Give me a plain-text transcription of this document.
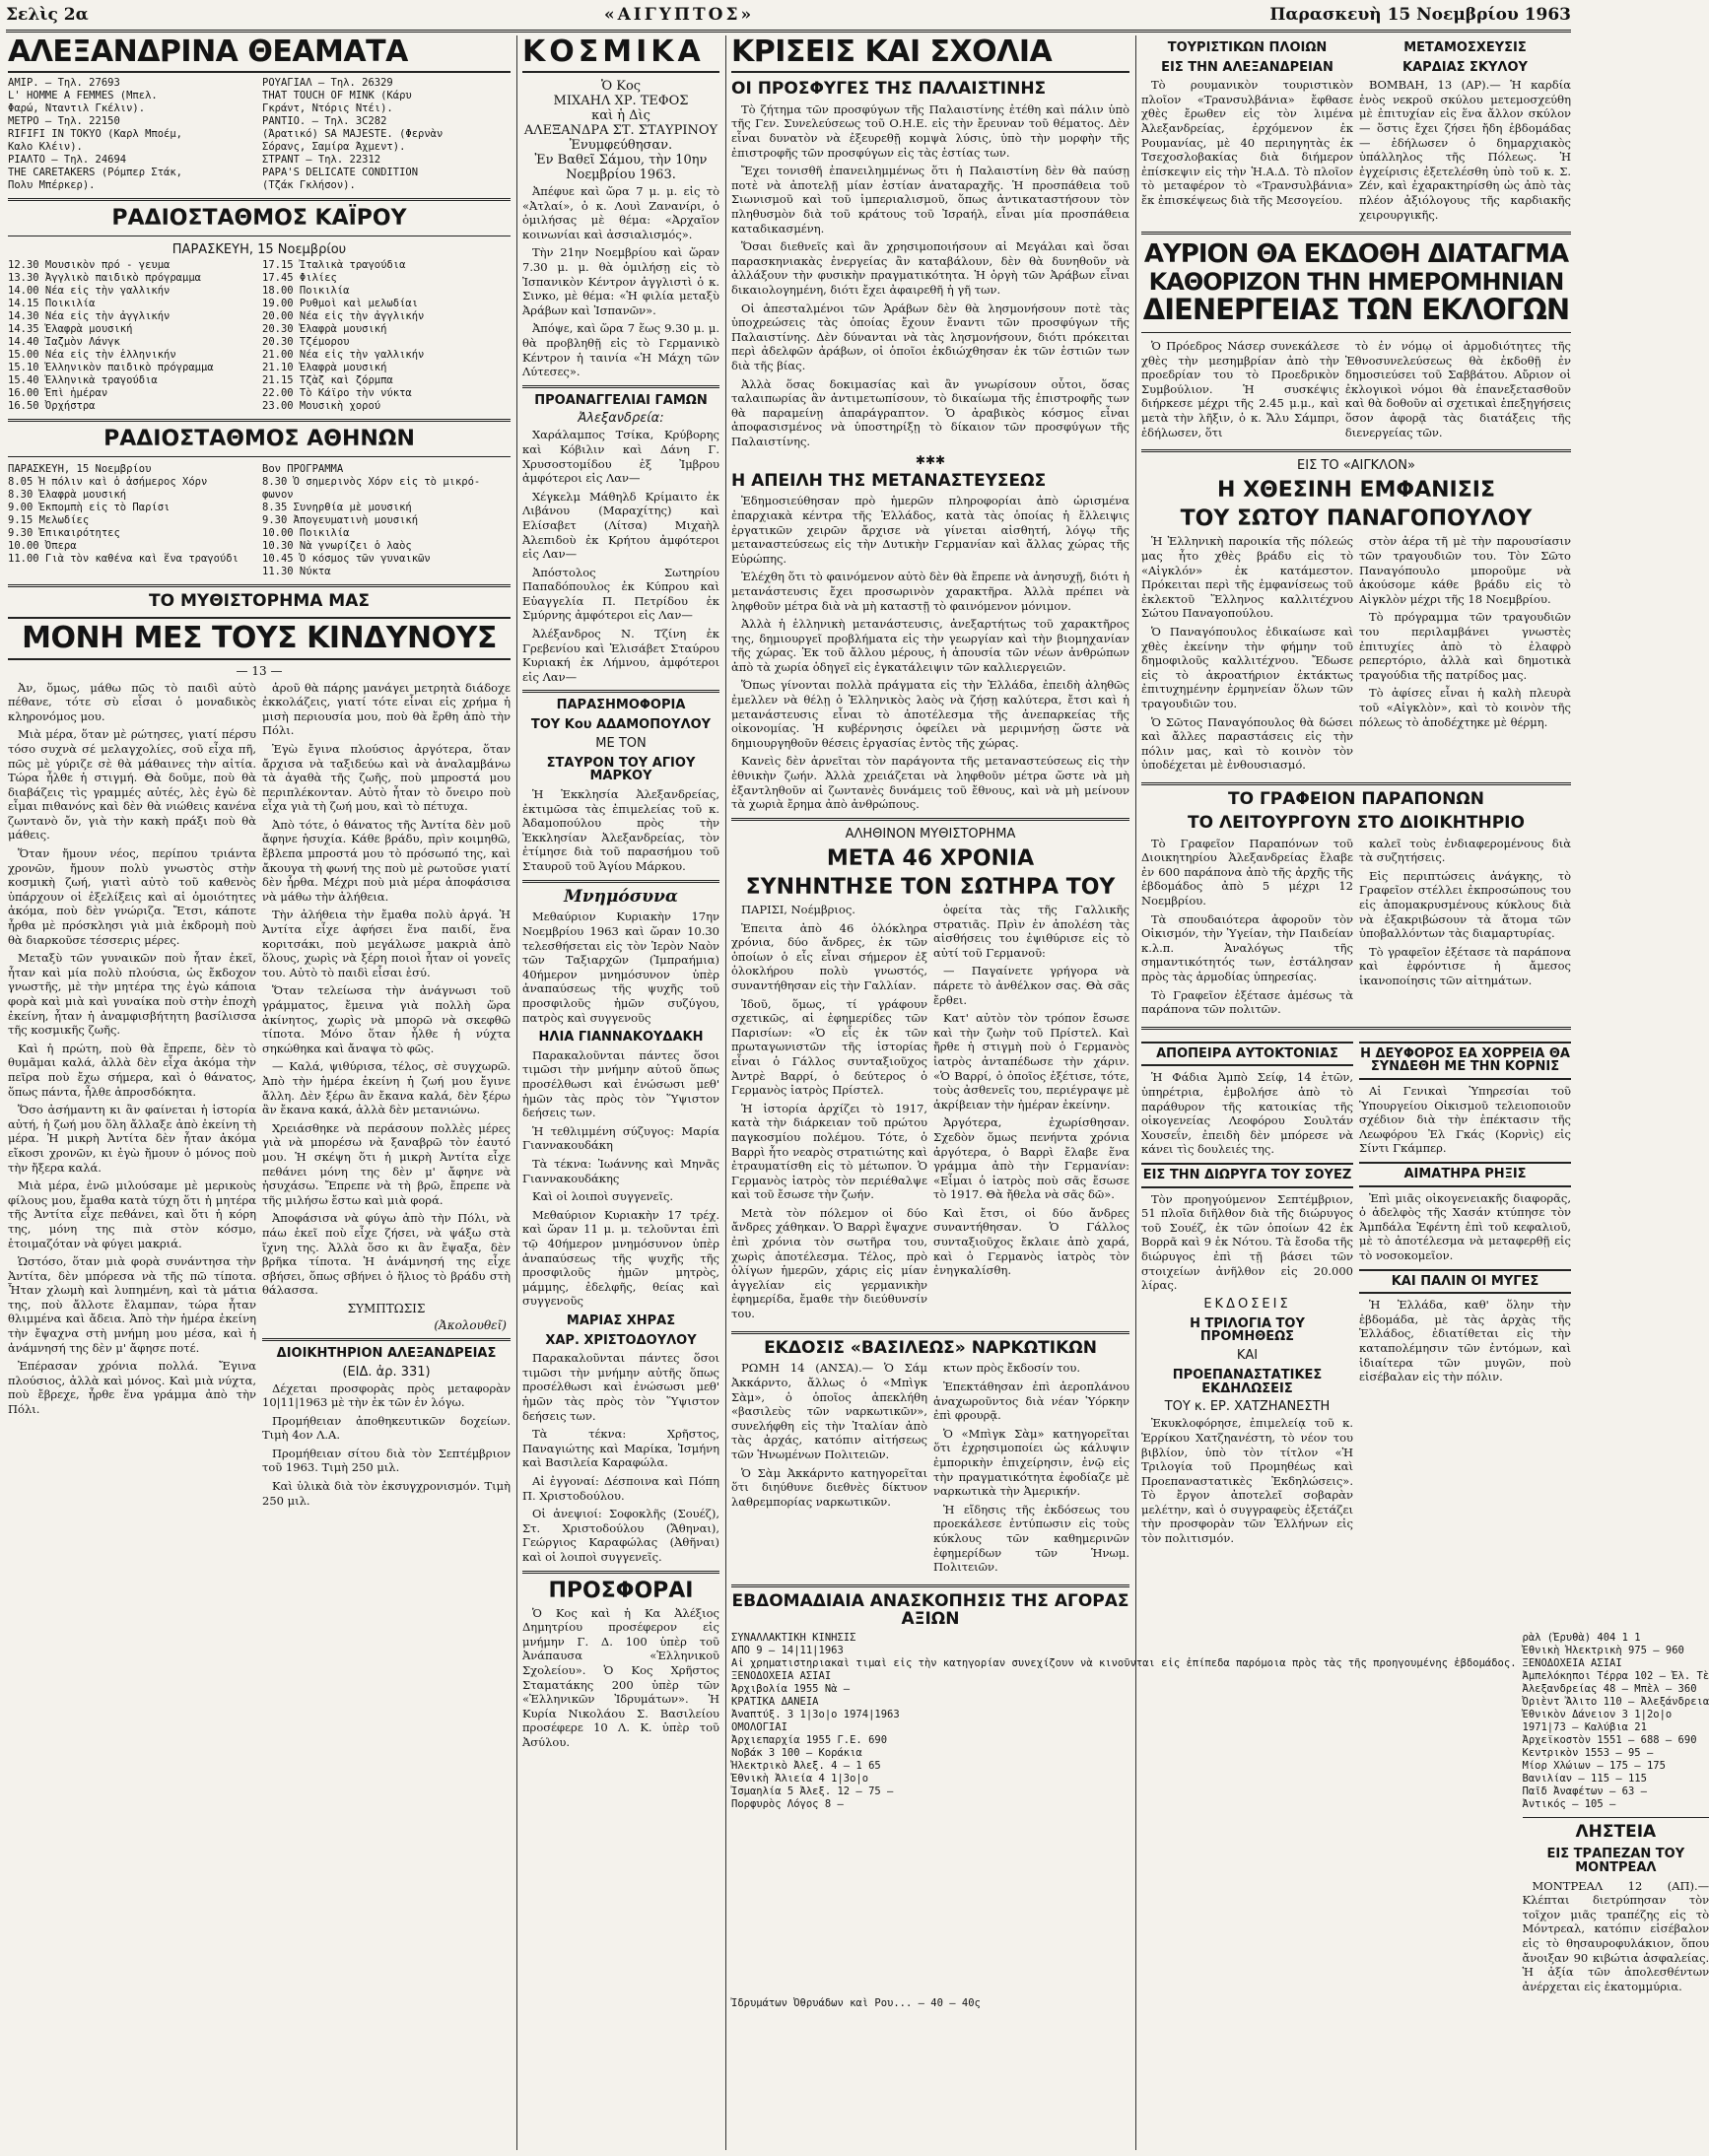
Σελὶς 2α	«ΑΙΓΥΠΤΟΣ»	Παρασκευὴ 15 Νοεμβρίου 1963
ΑΛΕΞΑΝΔΡΙΝΑ ΘΕΑΜΑΤΑ
ΑΜΙΡ. — Τηλ. 27693
L' HOMME A FEMMES (Μπελ.
Φαρώ, Νταντιλ Γκέλιν).
ΜΕΤΡΟ — Τηλ. 22150
RIFIFI IN TOKYO (Καρλ Μποέμ,
Καλο Κλέιν).
ΡΙΑΛΤΟ — Τηλ. 24694
THE CARETAKERS (Ρόμπερ Στάκ,
Πολυ Μπέρκερ).
ΡΟΥΑΓΙΑΛ — Τηλ. 26329
THAT TOUCH OF MINK (Κάρυ
Γκράντ, Ντόρις Ντέι).
ΡΑΝΤΙΟ. — Τηλ. 3C282
(Άρατικό) SA MAJESTE. (Φερνὰν
Σόρανς, Σαμίρα Άχμεντ).
ΣΤΡΑΝΤ — Τηλ. 22312
PAPA'S DELICATE CONDITION
(Τζάκ Γκλήσον).
ΡΑΔΙΟΣΤΑΘΜΟΣ ΚΑΪΡΟΥ
ΠΑΡΑΣΚΕΥΗ, 15 Νοεμβρίου
12.30 Μουσικὸν πρό - γευμα
13.30 Ἀγγλικὸ παιδικὸ πρόγραμμα
14.00 Νέα εἰς τὴν γαλλικήν
14.15 Ποικιλία
14.30 Νέα εἰς τὴν ἀγγλικήν
14.35 Ἑλαφρὰ μουσική
14.40 Ἰαζμὸν Λάνγκ
15.00 Νέα εἰς τὴν ἑλληνικήν
15.10 Ἑλληνικὸν παιδικὸ πρόγραμμα
15.40 Ἑλληνικὰ τραγούδια
16.00 Ἐπὶ ἡμέραν
16.50 Ὀρχήστρα
17.15 Ἰταλικὰ τραγούδια
17.45 Φιλίες
18.00 Ποικιλία
19.00 Ρυθμοὶ καὶ μελωδίαι
20.00 Νέα εἰς τὴν ἀγγλικήν
20.30 Ἑλαφρὰ μουσική
20.30 Τζέμορου
21.00 Νέα εἰς τὴν γαλλικήν
21.10 Ἑλαφρὰ μουσική
21.15 Τζὰζ καὶ ζόρμπα
22.00 Τὸ Κάϊρο τὴν νύκτα
23.00 Μουσικὴ χορού
ΡΑΔΙΟΣΤΑΘΜΟΣ ΑΘΗΝΩΝ
ΠΑΡΑΣΚΕΥΗ, 15 Νοεμβρίου	Βον ΠΡΟΓΡΑΜΜΑ
8.05 Ἡ πόλιν καὶ ὁ ἀσήμερος Χόρν
8.30 Ἑλαφρὰ μουσική
9.00 Ἐκπομπὴ εἰς τὸ Παρίσι
9.15 Μελωδίες
9.30 Ἐπικαιρότητες
10.00 Ὀπερα
11.00 Γιὰ τὸν καθένα καὶ ἕνα τραγούδι
8.30 Ὁ σημερινὸς Χόρν εἰς τὸ μικρό-
φωνον
8.35 Συνηρθία μὲ μουσική
9.30 Ἀπογευματινὴ μουσική
10.00 Ποικιλία
10.30 Νὰ γνωρίζει ὁ λαὸς
10.45 Ὁ κόσμος τῶν γυναικῶν
11.30 Νύκτα
ΤΟ ΜΥΘΙΣΤΟΡΗΜΑ ΜΑΣ
ΜΟΝΗ ΜΕΣ ΤΟΥΣ ΚΙΝΔΥΝΟΥΣ
— 13 —

Ἀν, ὅμως, μάθω πῶς τὸ παιδὶ αὐτὸ πέθανε, τότε σὺ εἶσαι ὁ μοναδικὸς κληρονόμος μου.

Μιὰ μέρα, ὅταν μὲ ρώτησες, γιατί πέρσυ τόσο συχνὰ σέ μελαγχολίες, σοῦ εἶχα πῆ, πῶς μὲ γύριζε σὲ θὰ μάθαινες τὴν αἰτία. Τώρα ἦλθε ἡ στιγμή. Θὰ δοῦμε, ποὺ θὰ διαβάζεις τὶς γραμμές αὐτές, λὲς ἐγὼ δὲ εἶμαι πιθανόνς καὶ δὲν θὰ νιώθεις κανένα ζωντανὸ ὄν, γιὰ τὴν κακὴ πράξι ποὺ θὰ μάθεις.

Ὅταν ἤμουν νέος, περίπου τριάντα χρονῶν, ἤμουν πολὺ γνωστὸς στὴν κοσμικὴ ζωή, γιατὶ αὐτὸ τοῦ καθενὸς ὑπάρχουν οἱ ἐξελίξεις καὶ αἱ ὁμοιότητες ἀκόμα, ποὺ δὲν γνώριζα. Ἔτσι, κάποτε ἦρθα μὲ πρόσκλησι γιὰ μιὰ ἐκδρομὴ ποὺ θὰ διαρκοῦσε τέσσερις μέρες.

Μεταξὺ τῶν γυναικῶν ποὺ ἦταν ἐκεῖ, ἦταν καὶ μία πολὺ πλούσια, ὡς ἔκδοχον γνωστῆς, μὲ τὴν μητέρα της ἐγὼ κάποια φορὰ καὶ μιὰ καὶ γυναίκα ποὺ στὴν ἐποχὴ ἐκείνη, ἦταν ἡ ἀναμφισβήτητη βασίλισσα τῆς κοσμικῆς ζωῆς.

Καὶ ἡ πρώτη, ποὺ θὰ ἔπρεπε, δὲν τὸ θυμᾶμαι καλά, ἀλλὰ δὲν εἶχα ἀκόμα τὴν πεῖρα ποὺ ἔχω σήμερα, καὶ ὁ θάνατος, ὅπως πάντα, ἦλθε ἀπροσδόκητα.

Ὅσο ἀσήμαντη κι ἂν φαίνεται ἡ ἱστορία αὐτή, ἡ ζωή μου ὅλη ἄλλαξε ἀπὸ ἐκείνη τὴ μέρα. Ἡ μικρὴ Ἀντίτα δὲν ἦταν ἀκόμα εἴκοσι χρονῶν, κι ἐγὼ ἤμουν ὁ μόνος ποὺ τὴν ἤξερα καλά.

Μιὰ μέρα, ἐνῶ μιλούσαμε μὲ μερικοὺς φίλους μου, ἔμαθα κατὰ τύχη ὅτι ἡ μητέρα τῆς Ἀντίτα εἶχε πεθάνει, καὶ ὅτι ἡ κόρη της, μόνη της πιὰ στὸν κόσμο, ἑτοιμαζόταν νὰ φύγει μακριά.

Ὡστόσο, ὅταν μιὰ φορὰ συνάντησα τὴν Ἀντίτα, δὲν μπόρεσα νὰ τῆς πῶ τίποτα. Ἦταν χλωμὴ καὶ λυπημένη, καὶ τὰ μάτια της, ποὺ ἄλλοτε ἔλαμπαν, τώρα ἦταν θλιμμένα καὶ ἄδεια. Ἀπὸ τὴν ἡμέρα ἐκείνη τὴν ἔψαχνα στὴ μνήμη μου μέσα, καὶ ἡ ἀνάμνησή της δὲν μ' ἄφησε ποτέ.

Ἐπέρασαν χρόνια πολλά. Ἔγινα πλούσιος, ἀλλὰ καὶ μόνος. Καὶ μιὰ νύχτα, ποὺ ἔβρεχε, ἦρθε ἕνα γράμμα ἀπὸ τὴν Πόλι.

ἀροῦ θὰ πάρης μανάγει μετρητὰ διάδοχε ἐκκολάζεις, γιατί τότε εἶναι εἰς χρήμα ἡ μισὴ περιουσία μου, ποὺ θὰ ἔρθη ἀπὸ τὴν Πόλι.

Ἐγὼ ἔγινα πλούσιος ἀργότερα, ὅταν ἄρχισα νὰ ταξιδεύω καὶ νὰ ἀναλαμβάνω τὰ ἀγαθὰ τῆς ζωῆς, ποὺ μπροστά μου περιπλέκονταν. Αὐτὸ ἦταν τὸ ὄνειρο ποὺ εἶχα γιὰ τὴ ζωή μου, καὶ τὸ πέτυχα.

Ἀπὸ τότε, ὁ θάνατος τῆς Ἀντίτα δὲν μοῦ ἄφηνε ἡσυχία. Κάθε βράδυ, πρὶν κοιμηθῶ, ἔβλεπα μπροστά μου τὸ πρόσωπό της, καὶ ἄκουγα τὴ φωνή της ποὺ μὲ ρωτοῦσε γιατί δὲν ἦρθα. Μέχρι ποὺ μιὰ μέρα ἀποφάσισα νὰ μάθω τὴν ἀλήθεια.

Τὴν ἀλήθεια τὴν ἔμαθα πολὺ ἀργά. Ἡ Ἀντίτα εἶχε ἀφήσει ἕνα παιδί, ἕνα κοριτσάκι, ποὺ μεγάλωσε μακριὰ ἀπὸ ὅλους, χωρὶς νὰ ξέρη ποιοὶ ἦταν οἱ γονεῖς του. Αὐτὸ τὸ παιδὶ εἶσαι ἐσύ.

Ὅταν τελείωσα τὴν ἀνάγνωσι τοῦ γράμματος, ἔμεινα γιὰ πολλὴ ὥρα ἀκίνητος, χωρὶς νὰ μπορῶ νὰ σκεφθῶ τίποτα. Μόνο ὅταν ἦλθε ἡ νύχτα σηκώθηκα καὶ ἄναψα τὸ φῶς.

— Καλά, ψιθύρισα, τέλος, σὲ συγχωρῶ. Ἀπὸ τὴν ἡμέρα ἐκείνη ἡ ζωή μου ἔγινε ἄλλη. Δὲν ξέρω ἂν ἔκανα καλά, δὲν ξέρω ἂν ἔκανα κακά, ἀλλὰ δὲν μετανιώνω.

Χρειάσθηκε νὰ περάσουν πολλὲς μέρες γιὰ νὰ μπορέσω νὰ ξαναβρῶ τὸν ἑαυτό μου. Ἡ σκέψη ὅτι ἡ μικρὴ Ἀντίτα εἶχε πεθάνει μόνη της δὲν μ' ἄφηνε νὰ ἡσυχάσω. Ἔπρεπε νὰ τὴ βρῶ, ἔπρεπε νὰ τῆς μιλήσω ἔστω καὶ μιὰ φορά.

Ἀποφάσισα νὰ φύγω ἀπὸ τὴν Πόλι, νὰ πάω ἐκεῖ ποὺ εἶχε ζήσει, νὰ ψάξω στὰ ἴχνη της. Ἀλλὰ ὅσο κι ἂν ἔψαξα, δὲν βρῆκα τίποτα. Ἡ ἀνάμνησή της εἶχε σβήσει, ὅπως σβήνει ὁ ἥλιος τὸ βράδυ στὴ θάλασσα.

ΣΥΜΠΤΩΣΙΣ
(Ἀκολουθεῖ)
ΔΙΟΙΚΗΤΗΡΙΟΝ ΑΛΕΞΑΝΔΡΕΙΑΣ
(ΕΙΔ. ἀρ. 331)

Δέχεται προσφορὰς πρὸς μεταφορὰν 10|11|1963 μὲ τὴν ἐκ τῶν ἐν λόγω.

Προμήθειαν ἀποθηκευτικῶν δοχείων. Τιμὴ 4ον Λ.Α.

Προμήθειαν σίτου διὰ τὸν Σεπτέμβριον τοῦ 1963. Τιμὴ 250 μιλ.

Καὶ ὑλικὰ διὰ τὸν ἐκσυγχρονισμόν. Τιμὴ 250 μιλ.

ΚΟΣΜΙΚΑ
Ὁ Κος
ΜΙΧΑΗΛ ΧΡ. ΤΕΦΟΣ
καὶ ἡ Δὶς
ΑΛΕΞΑΝΔΡΑ ΣΤ. ΣΤΑΥΡΙΝΟΥ
Ἐνυμφεύθησαν.
Ἐν Βαθεῖ Σάμου, τὴν 10ην Νοεμβρίου 1963.

Ἀπέφυε καὶ ὥρα 7 μ. μ. εἰς τὸ «Ἀτλαί», ὁ κ. Λουὶ Ζανανίρι, ὁ ὁμιλήσας μὲ θέμα: «Ἀρχαῖον κοινωνίαι καὶ ἀσσιαλισμός».

Τὴν 21ην Νοεμβρίου καὶ ὥραν 7.30 μ. μ. θὰ ὁμιλήσῃ εἰς τὸ Ἰσπανικὸν Κέντρον ἀγγλιστὶ ὁ κ. Σινκο, μὲ θέμα: «Ἡ φιλία μεταξὺ Ἀράβων καὶ Ἰσπανῶν».

Ἀπόψε, καὶ ὥρα 7 ἕως 9.30 μ. μ. θὰ προβληθῇ εἰς τὸ Γερμανικὸ Κέντρον ἡ ταινία «Ἡ Μάχη τῶν Λύτεσες».

ΠΡΟΑΝΑΓΓΕΛΙΑΙ ΓΑΜΩΝ
Ἀλεξανδρεία:

Χαράλαμπος Τσίκα, Κρύβορης καὶ Κόβιλιν καὶ Δάνη Γ. Χρυσοστομίδου ἐξ Ἰμβρου ἀμφότεροι εἰς Λαν—

Χέγκελμ Μάθηλδ Κρίμαιτο ἐκ Λιβάνου (Μαραχίτης) καὶ Ελίσαβετ (Λίτσα) Μιχαὴλ Ἀλεπιδοὺ ἐκ Κρήτου ἀμφότεροι εἰς Λαν—

Ἀπόστολος Σωτηρίου Παπαδόπουλος ἐκ Κύπρου καὶ Εὐαγγελία Π. Πετρίδου ἐκ Σμύρνης ἀμφότεροι εἰς Λαν—

Ἀλέξανδρος Ν. Τζίνη ἐκ Γρεβενίου καὶ Ἑλισάβετ Σταύρου Κυριακή ἐκ Λήμνου, ἀμφότεροι εἰς Λαν—

ΠΑΡΑΣΗΜΟΦΟΡΙΑ
ΤΟΥ Κου ΑΔΑΜΟΠΟΥΛΟΥ
ΜΕ ΤΟΝ
ΣΤΑΥΡΟΝ ΤΟΥ ΑΓΙΟΥ ΜΑΡΚΟΥ

Ἡ Ἐκκλησία Ἀλεξανδρείας, ἐκτιμῶσα τὰς ἐπιμελείας τοῦ κ. Ἀδαμοπούλου πρὸς τὴν Ἐκκλησίαν Ἀλεξανδρείας, τὸν ἐτίμησε διὰ τοῦ παρασήμου τοῦ Σταυροῦ τοῦ Ἁγίου Μάρκου.

Μνημόσυνα

Μεθαύριον Κυριακὴν 17ην Νοεμβρίου 1963 καὶ ὥραν 10.30 τελεσθήσεται εἰς τὸν Ἱερὸν Ναὸν τῶν Ταξιαρχῶν (Ἰμπραήμια) 40ήμερον μνημόσυνον ὑπὲρ ἀναπαύσεως τῆς ψυχῆς τοῦ προσφιλοῦς ἡμῶν συζύγου, πατρὸς καὶ συγγενοῦς

ΗΛΙΑ ΓΙΑΝΝΑΚΟΥΔΑΚΗ

Παρακαλοῦνται πάντες ὅσοι τιμῶσι τὴν μνήμην αὐτοῦ ὅπως προσέλθωσι καὶ ἑνώσωσι μεθ' ἡμῶν τὰς πρὸς τὸν Ὕψιστον δεήσεις των.

Ἡ τεθλιμμένη σύζυγος: Μαρία Γιαννακουδάκη

Τὰ τέκνα: Ἰωάννης καὶ Μηνᾶς Γιαννακουδάκης

Καὶ οἱ λοιποὶ συγγενεῖς.

Μεθαύριον Κυριακὴν 17 τρέχ. καὶ ὥραν 11 μ. μ. τελοῦνται ἐπὶ τῷ 40ήμερον μνημόσυνον ὑπὲρ ἀναπαύσεως τῆς ψυχῆς τῆς προσφιλοῦς ἡμῶν μητρὸς, μάμμης, ἐδελφῆς, θείας καὶ συγγενοῦς

ΜΑΡΙΑΣ ΧΗΡΑΣ
ΧΑΡ. ΧΡΙΣΤΟΔΟΥΛΟΥ

Παρακαλοῦνται πάντες ὅσοι τιμῶσι τὴν μνήμην αὐτῆς ὅπως προσέλθωσι καὶ ἑνώσωσι μεθ' ἡμῶν τὰς πρὸς τὸν Ὕψιστον δεήσεις των.

Τὰ τέκνα: Χρῆστος, Παναγιώτης καὶ Μαρίκα, Ἰσμήνη καὶ Βασιλεία Καραφώλα.

Αἱ ἐγγοναί: Δέσποινα καὶ Πόπη Π. Χριστοδούλου.

Οἱ ἀνεψιοί: Σοφοκλῆς (Σουέζ), Στ. Χριστοδούλου (Ἄθηναι), Γεώργιος Καραφώλας (Ἀθῆναι) καὶ οἱ λοιποὶ συγγενεῖς.

ΠΡΟΣΦΟΡΑΙ

Ὁ Κος καὶ ἡ Κα Ἀλέξιος Δημητρίου προσέφερον εἰς μνήμην Γ. Δ. 100 ὑπὲρ τοῦ Ἀνάπαυσα «Ἑλληνικοῦ Σχολείου». Ὁ Κος Χρῆστος Σταματάκης 200 ὑπὲρ τῶν «Ἐλληνικῶν Ἰδρυμάτων». Ἡ Κυρία Νικολάου Σ. Βασιλείου προσέφερε 10 Λ. Κ. ὑπὲρ τοῦ Ἀσύλου.

ΚΡΙΣΕΙΣ ΚΑΙ ΣΧΟΛΙΑ
ΟΙ ΠΡΟΣΦΥΓΕΣ ΤΗΣ ΠΑΛΑΙΣΤΙΝΗΣ

Τὸ ζήτημα τῶν προσφύγων τῆς Παλαιστίνης ἐτέθη καὶ πάλιν ὑπὸ τῆς Γεν. Συνελεύσεως τοῦ Ο.Η.Ε. εἰς τὴν ἔρευναν τοῦ θέματος. Δὲν εἶναι δυνατὸν νὰ ἐξευρεθῇ κομψὰ λύσις, ὑπὸ τὴν μορφὴν τῆς ἐπιστροφῆς τῶν προσφύγων εἰς τὰς ἑστίας των.

Ἔχει τονισθῆ ἐπανειλημμένως ὅτι ἡ Παλαιστίνη δὲν θὰ παύσῃ ποτὲ νὰ ἀποτελῇ μίαν ἐστίαν ἀναταραχῆς. Ἡ προσπάθεια τοῦ Σιωνισμοῦ καὶ τοῦ ἰμπεριαλισμοῦ, ὅπως ἀντικαταστήσουν τὸν πληθυσμὸν διὰ τοῦ κράτους τοῦ Ἰσραήλ, εἶναι μία προσπάθεια καταδικασμένη.

Ὅσαι διεθνεῖς καὶ ἂν χρησιμοποιήσουν αἱ Μεγάλαι καὶ ὅσαι παρασκηνιακὰς ἐνεργείας ἂν καταβάλουν, δὲν θὰ δυνηθοῦν νὰ ἀλλάξουν τὴν φυσικὴν πραγματικότητα. Ἡ ὀργὴ τῶν Ἀράβων εἶναι δικαιολογημένη, διότι ἔχει ἀφαιρεθῆ ἡ γῆ των.

Οἱ ἀπεσταλμένοι τῶν Ἀράβων δὲν θὰ λησμονήσουν ποτὲ τὰς ὑποχρεώσεις τὰς ὁποίας ἔχουν ἔναντι τῶν προσφύγων τῆς Παλαιστίνης. Δὲν δύνανται νὰ τὰς λησμονήσουν, διότι πρόκειται περὶ ἀδελφῶν ἀράβων, οἱ ὁποῖοι ἐκδιώχθησαν ἐκ τῶν ἑστιῶν των διὰ τῆς βίας.

Ἀλλὰ ὅσας δοκιμασίας καὶ ἂν γνωρίσουν οὗτοι, ὅσας ταλαιπωρίας ἂν ἀντιμετωπίσουν, τὸ δικαίωμα τῆς ἐπιστροφῆς των θὰ παραμείνῃ ἀπαράγραπτον. Ὁ ἀραβικὸς κόσμος εἶναι ἀποφασισμένος νὰ ὑποστηρίξῃ τὸ δίκαιον τῶν προσφύγων τῆς Παλαιστίνης.

✱✱✱
Η ΑΠΕΙΛΗ ΤΗΣ ΜΕΤΑΝΑΣΤΕΥΣΕΩΣ

Ἐδημοσιεύθησαν πρὸ ἡμερῶν πληροφορίαι ἀπὸ ὡρισμένα ἐπαρχιακὰ κέντρα τῆς Ἑλλάδος, κατὰ τὰς ὁποίας ἡ ἔλλειψις ἐργατικῶν χειρῶν ἄρχισε νὰ γίνεται αἰσθητή, λόγῳ τῆς μεταναστεύσεως εἰς τὴν Δυτικὴν Γερμανίαν καὶ ἄλλας χώρας τῆς Εὐρώπης.

Ἐλέχθη ὅτι τὸ φαινόμενον αὐτὸ δὲν θὰ ἔπρεπε νὰ ἀνησυχῇ, διότι ἡ μετανάστευσις ἔχει προσωρινὸν χαρακτῆρα. Ἀλλὰ πρέπει νὰ ληφθοῦν μέτρα διὰ νὰ μὴ καταστῇ τὸ φαινόμενον μόνιμον.

Ἀλλὰ ἡ ἑλληνικὴ μετανάστευσις, ἀνεξαρτήτως τοῦ χαρακτῆρος της, δημιουργεῖ προβλήματα εἰς τὴν γεωργίαν καὶ τὴν βιομηχανίαν τῆς χώρας. Ἐκ τοῦ ἄλλου μέρους, ἡ ἀπουσία τῶν νέων ἀνθρώπων ἀπὸ τὰ χωρία ὁδηγεῖ εἰς ἐγκατάλειψιν τῶν καλλιεργειῶν.

Ὅπως γίνονται πολλὰ πράγματα εἰς τὴν Ἑλλάδα, ἐπειδὴ ἀληθῶς ἐμελλεν νὰ θέλῃ ὁ Ἑλληνικὸς λαὸς νὰ ζήσῃ καλύτερα, ἔτσι καὶ ἡ μετανάστευσις εἶναι τὸ ἀποτέλεσμα τῆς ἀνεπαρκείας τῆς οἰκονομίας. Ἡ κυβέρνησις ὀφείλει νὰ μεριμνήσῃ ὥστε νὰ δημιουργηθοῦν θέσεις ἐργασίας ἐντὸς τῆς χώρας.

Κανεὶς δὲν ἀρνεῖται τὸν παράγοντα τῆς μεταναστεύσεως εἰς τὴν ἐθνικὴν ζωήν. Ἀλλὰ χρειάζεται νὰ ληφθοῦν μέτρα ὥστε νὰ μὴ ἐξαντληθοῦν αἱ ζωντανὲς δυνάμεις τοῦ ἔθνους, καὶ νὰ μὴ μείνουν τὰ χωριὰ ἔρημα ἀπὸ ἀνθρώπους.

ΑΛΗΘΙΝΟΝ ΜΥΘΙΣΤΟΡΗΜΑ
ΜΕΤΑ 46 ΧΡΟΝΙΑ
ΣΥΝΗΝΤΗΣΕ ΤΟΝ ΣΩΤΗΡΑ ΤΟΥ

ΠΑΡΙΣΙ, Νοέμβριος.

Ἐπειτα ἀπὸ 46 ὁλόκληρα χρόνια, δύο ἄνδρες, ἐκ τῶν ὁποίων ὁ εἷς εἶναι σήμερον ἐξ ὁλοκλήρου πολὺ γνωστός, συναντήθησαν εἰς τὴν Γαλλίαν.

Ἰδοῦ, ὅμως, τί γράφουν σχετικῶς, αἱ ἐφημερίδες τῶν Παρισίων: «Ὁ εἷς ἐκ τῶν πρωταγωνιστῶν τῆς ἱστορίας εἶναι ὁ Γάλλος συνταξιοῦχος Ἀντρὲ Βαρρί, ὁ δεύτερος ὁ Γερμανὸς ἰατρὸς Πρίστελ.

Ἡ ἱστορία ἀρχίζει τὸ 1917, κατὰ τὴν διάρκειαν τοῦ πρώτου παγκοσμίου πολέμου. Τότε, ὁ Βαρρὶ ἦτο νεαρὸς στρατιώτης καὶ ἐτραυματίσθη εἰς τὸ μέτωπον. Ὁ Γερμανὸς ἰατρὸς τὸν περιέθαλψε καὶ τοῦ ἔσωσε τὴν ζωήν.

Μετὰ τὸν πόλεμον οἱ δύο ἄνδρες χάθηκαν. Ὁ Βαρρὶ ἔψαχνε ἐπὶ χρόνια τὸν σωτῆρα του, χωρὶς ἀποτέλεσμα. Τέλος, πρὸ ὀλίγων ἡμερῶν, χάρις εἰς μίαν ἀγγελίαν εἰς γερμανικὴν ἐφημερίδα, ἔμαθε τὴν διεύθυνσίν του.

ὀφείτα τὰς τῆς Γαλλικῆς στρατιᾶς. Πρὶν ἐν ἀπολέση τὰς αἰσθήσεις του ἐψιθύρισε εἰς τὸ αὐτί τοῦ Γερμανοῦ:

— Παγαίνετε γρήγορα νὰ πάρετε τὸ ἀνθέλκον σας. Θὰ σᾶς ἔρθει.

Κατ' αὐτὸν τὸν τρόπον ἔσωσε καὶ τὴν ζωὴν τοῦ Πρίστελ. Καὶ ἤρθε ἡ στιγμὴ ποὺ ὁ Γερμανὸς ἰατρὸς ἀνταπέδωσε τὴν χάριν. «Ὁ Βαρρί, ὁ ὁποῖος ἐξέτισε, τότε, τοὺς ἀσθενεῖς του, περιέγραψε μὲ ἀκρίβειαν τὴν ἡμέραν ἐκείνην.

Ἀργότερα, ἐχωρίσθησαν. Σχεδὸν ὅμως πενήντα χρόνια ἀργότερα, ὁ Βαρρὶ ἔλαβε ἕνα γράμμα ἀπὸ τὴν Γερμανίαν: «Εἶμαι ὁ ἰατρὸς ποὺ σᾶς ἔσωσε τὸ 1917. Θὰ ἤθελα νὰ σᾶς δῶ».

Καὶ ἔτσι, οἱ δύο ἄνδρες συναντήθησαν. Ὁ Γάλλος συνταξιοῦχος ἔκλαιε ἀπὸ χαρά, καὶ ὁ Γερμανὸς ἰατρὸς τὸν ἐνηγκαλίσθη.

ΕΚΔΟΣΙΣ «ΒΑΣΙΛΕΩΣ» ΝΑΡΚΩΤΙΚΩΝ

ΡΩΜΗ 14 (ΑΝΣΑ).— Ὁ Σάμ Ἀκκάρντο, ἄλλως ὁ «Μπὶγκ Σὰμ», ὁ ὁποῖος ἀπεκλήθη «βασιλεὺς τῶν ναρκωτικῶν», συνελήφθη εἰς τὴν Ἰταλίαν ἀπὸ τὰς ἀρχάς, κατόπιν αἰτήσεως τῶν Ἡνωμένων Πολιτειῶν.

Ὁ Σὰμ Ἀκκάρντο κατηγορεῖται ὅτι διηύθυνε διεθνὲς δίκτυον λαθρεμπορίας ναρκωτικῶν.

κτων πρὸς ἔκδοσίν του.

Ἐπεκτάθησαν ἐπὶ ἀεροπλάνου ἀναχωροῦντος διὰ νέαν Ὑόρκην ἐπὶ φρουρᾷ.

Ὁ «Μπὶγκ Σὰμ» κατηγορεῖται ὅτι ἐχρησιμοποίει ὡς κάλυψιν ἐμπορικὴν ἐπιχείρησιν, ἐνῷ εἰς τὴν πραγματικότητα ἐφοδίαζε μὲ ναρκωτικὰ τὴν Ἀμερικήν.

Ἡ εἴδησις τῆς ἐκδόσεως του προεκάλεσε ἐντύπωσιν εἰς τοὺς κύκλους τῶν καθημερινῶν ἐφημερίδων τῶν Ἡνωμ. Πολιτειῶν.

ΕΒΔΟΜΑΔΙΑΙΑ ΑΝΑΣΚΟΠΗΣΙΣ ΤΗΣ ΑΓΟΡΑΣ ΑΞΙΩΝ
ΣΥΝΑΛΛΑΚΤΙΚΗ ΚΙΝΗΣΙΣ
ΑΠΟ 9 — 14|11|1963
Αἱ χρηματιστηριακαὶ τιμαὶ εἰς τὴν κατηγορίαν συνεχίζουν νὰ κινοῦνται εἰς ἐπίπεδα παρόμοια πρὸς τὰς τῆς προηγουμένης ἑβδομάδος.
ΞΕΝΟΔΟΧΕΙΑ ΑΣΙΑΙ
Ἀρχιβολία 1955 Νὰ —
ΚΡΑΤΙΚΑ ΔΑΝΕΙΑ
Ἀναπτύξ. 3 1|3ο|ο 1974|1963
ΟΜΟΛΟΓΙΑΙ
Ἀρχιεπαρχία 1955 Γ.Ε. 690
Νοβάκ 3 100 — Κοράκια
Ἠλεκτρικὸ Ἀλεξ. 4 — 1 65
Ἐθνικὴ Ἁλιεία 4 1|3ο|ο
Ἰσμαηλία 5 Ἀλεξ. 12 — 75 —
Πορφυρὸς Λόγος 8 —
ρὰλ (Ἐρυθὰ) 404 1 1
Ἐθνικὴ Ἠλεκτρικὴ 975 — 960
ΞΕΝΟΔΟΧΕΙΑ ΑΣΙΑΙ
Ἀμπελόκηποι Τέρρα 102 — Ἐλ. Τὲ
Ἀλεξανδρείας 48 — Μπὲλ — 360
Ὀριὲντ Ἄλιτο 110 — Ἀλεξάνδρεια
Ἐθνικὸν Δάνειον 3 1|2ο|ο
1971|73 — Καλύβια 21
Ἀρχεϊκοστὸν 1551 — 688 — 690
Κεντρικὸν 1553 — 95 —
Μίορ Χλώιων — 175 — 175
Βανιλίαν — 115 — 115
Παῖδ Ἀναφέτων — 63 —
Ἀντικός — 105 —
ΛΗΣΤΕΙΑ
ΕΙΣ ΤΡΑΠΕΖΑΝ ΤΟΥ ΜΟΝΤΡΕΑΛ

ΜΟΝΤΡΕΑΛ 12 (ΑΠ).— Κλέπται διετρύπησαν τὸν τοῖχον μιᾶς τραπέζης εἰς τὸ Μόντρεαλ, κατόπιν εἰσέβαλον εἰς τὸ θησαυροφυλάκιον, ὅπου ἄνοιξαν 90 κιβώτια ἀσφαλείας. Ἡ ἀξία τῶν ἀπολεσθέντων ἀνέρχεται εἰς ἑκατομμύρια.

Ἰδρυμάτων Ὀθρυάδων καὶ Ρου... — 40 — 40ς
ΤΟΥΡΙΣΤΙΚΩΝ ΠΛΟΙΩΝ
ΕΙΣ ΤΗΝ ΑΛΕΞΑΝΔΡΕΙΑΝ

Τὸ ρουμανικὸν τουριστικὸν πλοῖον «Τρανσυλβάνια» ἔφθασε χθὲς ἔρωθεν εἰς τὸν λιμένα Ἀλεξανδρείας, ἐρχόμενον ἐκ Ρουμανίας, μὲ 40 περιηγητὰς ἐκ Τσεχοσλοβακίας διὰ διήμερον ἐπίσκεψιν εἰς τὴν Ἡ.Α.Δ. Τὸ πλοῖον τὸ μεταφέρον τὸ «Τρανσυλβάνια» ἔκ ἐπισκέψεως διὰ τῆς Μεσογείου.

ΜΕΤΑΜΟΣΧΕΥΣΙΣ
ΚΑΡΔΙΑΣ ΣΚΥΛΟΥ

ΒΟΜΒΑΗ, 13 (ΑΡ).— Ἡ καρδία ἑνὸς νεκροῦ σκύλου μετεμοσχεύθη μὲ ἐπιτυχίαν εἰς ἕνα ἄλλον σκύλον — ὅστις ἔχει ζήσει ἤδη ἑβδομάδας — ἐδήλωσεν ὁ δημαρχιακὸς ὑπάλληλος τῆς Πόλεως. Ἡ ἐγχείρισις ἐξετελέσθη ὑπὸ τοῦ κ. Σ. Ζέν, καὶ ἐχαρακτηρίσθη ὡς ἀπὸ τὰς πλέον ἀξιόλογους τῆς καρδιακῆς χειρουργικῆς.

ΑΥΡΙΟΝ ΘΑ ΕΚΔΟΘΗ ΔΙΑΤΑΓΜΑ
ΚΑΘΟΡΙΖΟΝ ΤΗΝ ΗΜΕΡΟΜΗΝΙΑΝ
ΔΙΕΝΕΡΓΕΙΑΣ ΤΩΝ ΕΚΛΟΓΩΝ

Ὁ Πρόεδρος Νάσερ συνεκάλεσε χθὲς τὴν μεσημβρίαν ἀπὸ τὴν προεδρίαν του τὸ Προεδρικὸν Συμβούλιον. Ἡ συσκέψις διήρκεσε μέχρι τῆς 2.45 μ.μ., καὶ μετὰ τὴν λῆξιν, ὁ κ. Ἄλυ Σάμπρι, ἐδήλωσεν, ὅτι

τὸ ἐν νόμῳ οἱ ἀρμοδιότητες τῆς Ἐθνοσυνελεύσεως θὰ ἐκδοθῇ ἐν δημοσιεύσει τοῦ Σαββάτου. Αὔριον οἱ ἐκλογικοὶ νόμοι θὰ ἐπανεξετασθοῦν καὶ θὰ δοθοῦν αἱ σχετικαὶ ἐπεξηγήσεις ὅσον ἀφορᾷ τὰς διατάξεις τῆς διενεργείας τῶν.

ΕΙΣ ΤΟ «ΑΙΓΚΛΟΝ»
Η ΧΘΕΣΙΝΗ ΕΜΦΑΝΙΣΙΣ
ΤΟΥ ΣΩΤΟΥ ΠΑΝΑΓΟΠΟΥΛΟΥ

Ἡ Ἑλληνικὴ παροικία τῆς πόλεώς μας ἦτο χθὲς βράδυ εἰς τὸ «Αἰγκλόν» ἐκ κατάμεστον. Πρόκειται περὶ τῆς ἐμφανίσεως τοῦ ἐκλεκτοῦ Ἕλληνος καλλιτέχνου Σώτου Παναγοπούλου.

Ὁ Παναγόπουλος ἐδικαίωσε καὶ χθὲς ἐκείνην τὴν φήμην τοῦ δημοφιλοῦς καλλιτέχνου. Ἔδωσε εἰς τὸ ἀκροατήριον ἐκτάκτως ἐπιτυχημένην ἑρμηνείαν ὅλων τῶν τραγουδιῶν του.

Ὁ Σῶτος Παναγόπουλος θὰ δώσει καὶ ἄλλες παραστάσεις εἰς τὴν πόλιν μας, καὶ τὸ κοινὸν τὸν ὑποδέχεται μὲ ἐνθουσιασμό.

στὸν ἀέρα τῆ μὲ τὴν παρουσίασιν τῶν τραγουδιῶν του. Τὸν Σῶτο Παναγόπουλο μποροῦμε νὰ ἀκούσομε κάθε βράδυ εἰς τὸ Αἰγκλὸν μέχρι τῆς 18 Νοεμβρίου.

Τὸ πρόγραμμα τῶν τραγουδιῶν του περιλαμβάνει γνωστὲς ἐπιτυχίες ἀπὸ τὸ ἐλαφρὸ ρεπερτόριο, ἀλλὰ καὶ δημοτικὰ τραγούδια τῆς πατρίδος μας.

Τὸ ἀφίσες εἶναι ἡ καλὴ πλευρὰ τοῦ «Αἰγκλὸν», καὶ τὸ κοινὸν τῆς πόλεως τὸ ἀποδέχτηκε μὲ θέρμη.

ΤΟ ΓΡΑΦΕΙΟΝ ΠΑΡΑΠΟΝΩΝ
ΤΟ ΛΕΙΤΟΥΡΓΟΥΝ ΣΤΟ ΔΙΟΙΚΗΤΗΡΙΟ

Τὸ Γραφεῖον Παραπόνων τοῦ Διοικητηρίου Ἀλεξανδρείας ἔλαβε ἐν 600 παράπονα ἀπὸ τῆς ἀρχῆς τῆς ἑβδομάδος ἀπὸ 5 μέχρι 12 Νοεμβρίου.

Τὰ σπουδαιότερα ἀφοροῦν τὸν Οἰκισμόν, τὴν Ὑγείαν, τὴν Παιδείαν κ.λ.π. Ἀναλόγως τῆς σημαντικότητός των, ἐστάλησαν πρὸς τὰς ἁρμοδίας ὑπηρεσίας.

Τὸ Γραφεῖον ἐξέτασε ἀμέσως τὰ παράπονα τῶν πολιτῶν.

καλεῖ τοὺς ἐνδιαφερομένους διὰ τὰ συζητήσεις.

Εἰς περιπτώσεις ἀνάγκης, τὸ Γραφεῖον στέλλει ἐκπροσώπους του εἰς ἀπομακρυσμένους κύκλους διὰ νὰ ἐξακριβώσουν τὰ ἄτομα τῶν ὑποβαλλόντων τὰς διαμαρτυρίας.

Τὸ γραφεῖον ἐξέτασε τὰ παράπονα καὶ ἐφρόντισε ἡ ἄμεσος ἱκανοποίησις τῶν αἰτημάτων.

ΑΠΟΠΕΙΡΑ ΑΥΤΟΚΤΟΝΙΑΣ

Ἡ Φάδια Ἀμπὸ Σείφ, 14 ἐτῶν, ὑπηρέτρια, ἐμβολήσε ἀπὸ τὸ παράθυρον τῆς κατοικίας τῆς οἰκογενείας Λεοφόρου Σουλτάν Χουσεΐν, ἐπειδὴ δὲν μπόρεσε νὰ κάνει τὶς δουλειές της.

ΕΙΣ ΤΗΝ ΔΙΩΡΥΓΑ ΤΟΥ ΣΟΥΕΖ

Τὸν προηγούμενον Σεπτέμβριον, 51 πλοῖα διῆλθον διὰ τῆς διώρυγος τοῦ Σουέζ, ἐκ τῶν ὁποίων 42 ἐκ Βορρᾶ καὶ 9 ἐκ Νότου. Τὰ ἔσοδα τῆς διώρυγος ἐπὶ τῇ βάσει τῶν στοιχείων ἀνῆλθον εἰς 20.000 λίρας.

ΕΚΔΟΣΕΙΣ
Η ΤΡΙΛΟΓΙΑ ΤΟΥ ΠΡΟΜΗΘΕΩΣ
ΚΑΙ
ΠΡΟΕΠΑΝΑΣΤΑΤΙΚΕΣ ΕΚΔΗΛΩΣΕΙΣ
ΤΟΥ κ. ΕΡ. ΧΑΤΖΗΑΝΕΣΤΗ

Ἐκυκλοφόρησε, ἐπιμελείᾳ τοῦ κ. Ἐρρίκου Χατζηανέστη, τὸ νέον του βιβλίον, ὑπὸ τὸν τίτλον «Ἡ Τριλογία τοῦ Προμηθέως καὶ Προεπαναστατικὲς Ἐκδηλώσεις». Τὸ ἔργον ἀποτελεῖ σοβαρὰν μελέτην, καὶ ὁ συγγραφεὺς ἐξετάζει τὴν προσφορὰν τῶν Ἑλλήνων εἰς τὸν πολιτισμόν.

Η ΔΕΥΦΟΡΟΣ ΕΑ ΧΟΡΡΕΙΑ ΘΑ ΣΥΝΔΕΘΗ ΜΕ ΤΗΝ ΚΟΡΝΙΣ

Αἱ Γενικαὶ Ὑπηρεσίαι τοῦ Ὑπουργείου Οἰκισμοῦ τελειοποιοῦν σχέδιον διὰ τὴν ἐπέκτασιν τῆς Λεωφόρου Ἐλ Γκάς (Κορνὶς) εἰς Σίντι Γκάμπερ.

ΑΙΜΑΤΗΡΑ ΡΗΞΙΣ

Ἐπὶ μιᾶς οἰκογενειακῆς διαφορᾶς, ὁ ἀδελφὸς τῆς Χασάν κτύπησε τὸν Ἀμπδάλα Ἐφέντη ἐπὶ τοῦ κεφαλιοῦ, μὲ τὸ ἀποτέλεσμα νὰ μεταφερθῇ εἰς τὸ νοσοκομεῖον.

ΚΑΙ ΠΑΛΙΝ ΟΙ ΜΥΓΕΣ

Ἡ Ἐλλάδα, καθ' ὅλην τὴν ἑβδομάδα, μὲ τὰς ἀρχὰς τῆς Ἑλλάδος, ἐδιατίθεται εἰς τὴν καταπολέμησιν τῶν ἐντόμων, καὶ ἰδιαίτερα τῶν μυγῶν, ποὺ εἰσέβαλαν εἰς τὴν πόλιν.
